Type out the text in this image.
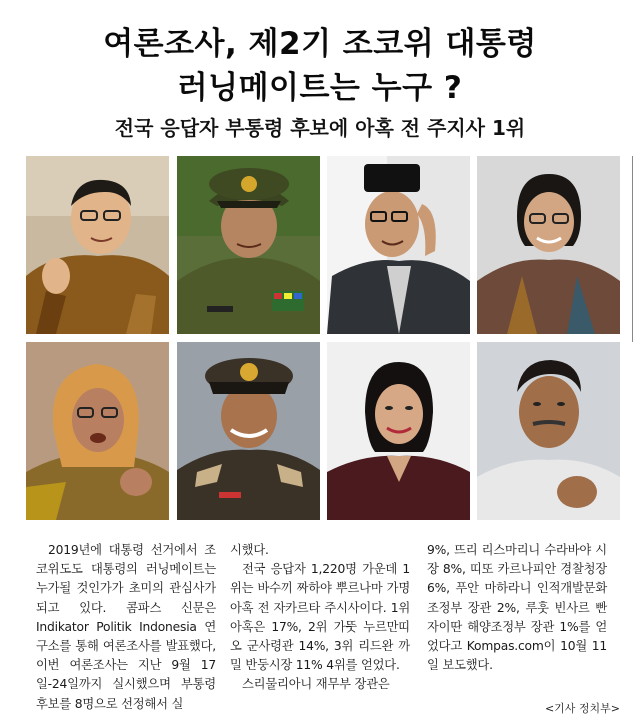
여론조사, 제2기 조코위 대통령
러닝메이트는 누구 ?
전국 응답자 부통령 후보에 아혹 전 주지사 1위

2019년에 대통령 선거에서 조코위도도 대통령의 러닝메이트는 누가될 것인가가 초미의 관심사가 되고 있다. 콤파스 신문은 Indikator Politik Indonesia 연구소를 통해 여론조사를 발표했다, 이번 여론조사는 지난 9월 17일-24일까지 실시했으며 부통령 후보를 8명으로 선정해서 실

시했다.

전국 응답자 1,220명 가운데 1위는 바수끼 짜하야 뿌르나마 가명 아혹 전 자카르타 주시사이다. 1위 아혹은 17%, 2위 가뚯 누르만띠오 군사령관 14%, 3위 리드완 까밀 반둥시장 11% 4위를 얻었다.

스리물리아니 재무부 장관은

9%, 뜨리 리스마리니 수라바야 시장 8%, 띠또 카르나피안 경찰청장 6%, 푸안 마하라니 인적개발문화조정부 장관 2%, 루훗 빈사르 빤자이딴 해양조정부 장관 1%를 얻었다고 Kompas.com이 10월 11일 보도했다.

<기사 정치부>
